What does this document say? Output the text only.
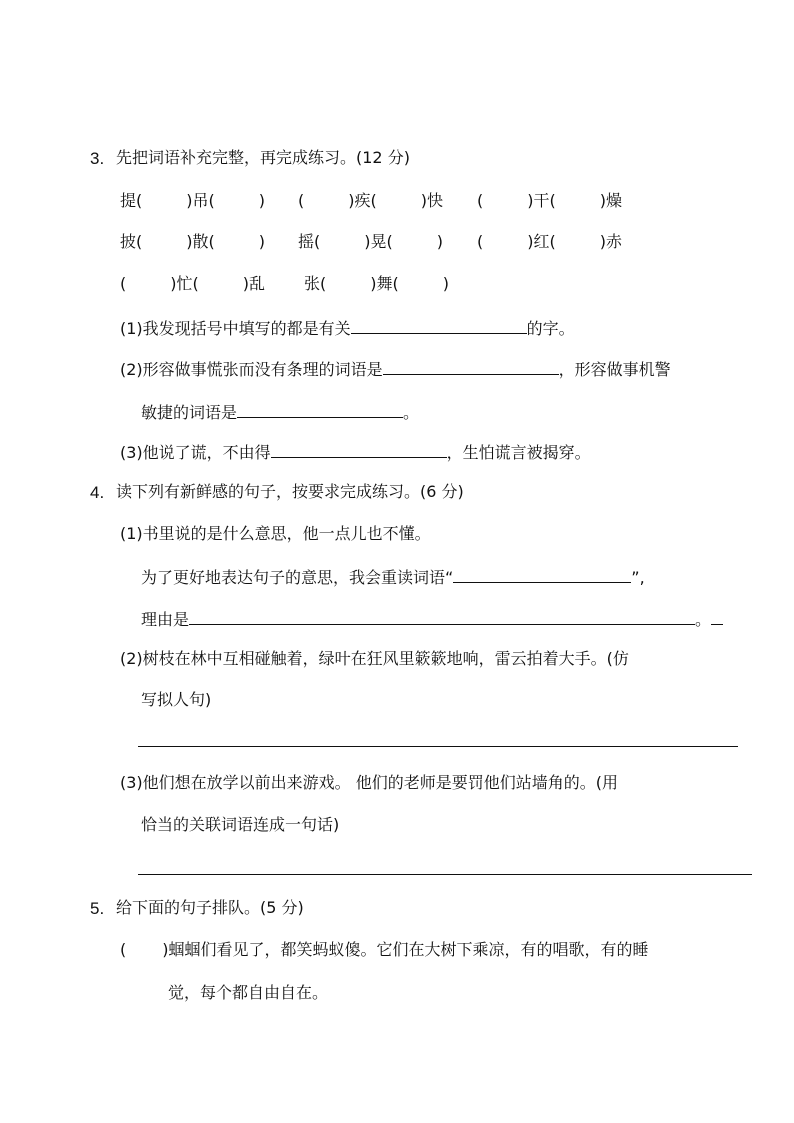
3. 先把词语补充完整，再完成练习。(12 分)
提(	)吊(	) (	)疾(	)快 (	)干(	)燥
披(	)散(	) 摇(	)晃(	) (	)红(	)赤
(	)忙(	)乱 张(	)舞(	)
(1)我发现括号中填写的都是有关	的字。
(2)形容做事慌张而没有条理的词语是	，形容做事机警
敏捷的词语是	。
(3)他说了谎，不由得	，生怕谎言被揭穿。
4. 读下列有新鲜感的句子，按要求完成练习。(6 分)
(1)书里说的是什么意思，他一点儿也不懂。
为了更好地表达句子的意思，我会重读词语“	”,
理由是	。
(2)树枝在林中互相碰触着，绿叶在狂风里簌簌地响，雷云拍着大手。(仿
写拟人句)
(3)他们想在放学以前出来游戏。 他们的老师是要罚他们站墙角的。(用
恰当的关联词语连成一句话)
5. 给下面的句子排队。(5 分)
( )蝈蝈们看见了，都笑蚂蚁傻。它们在大树下乘凉，有的唱歌，有的睡
觉，每个都自由自在。
